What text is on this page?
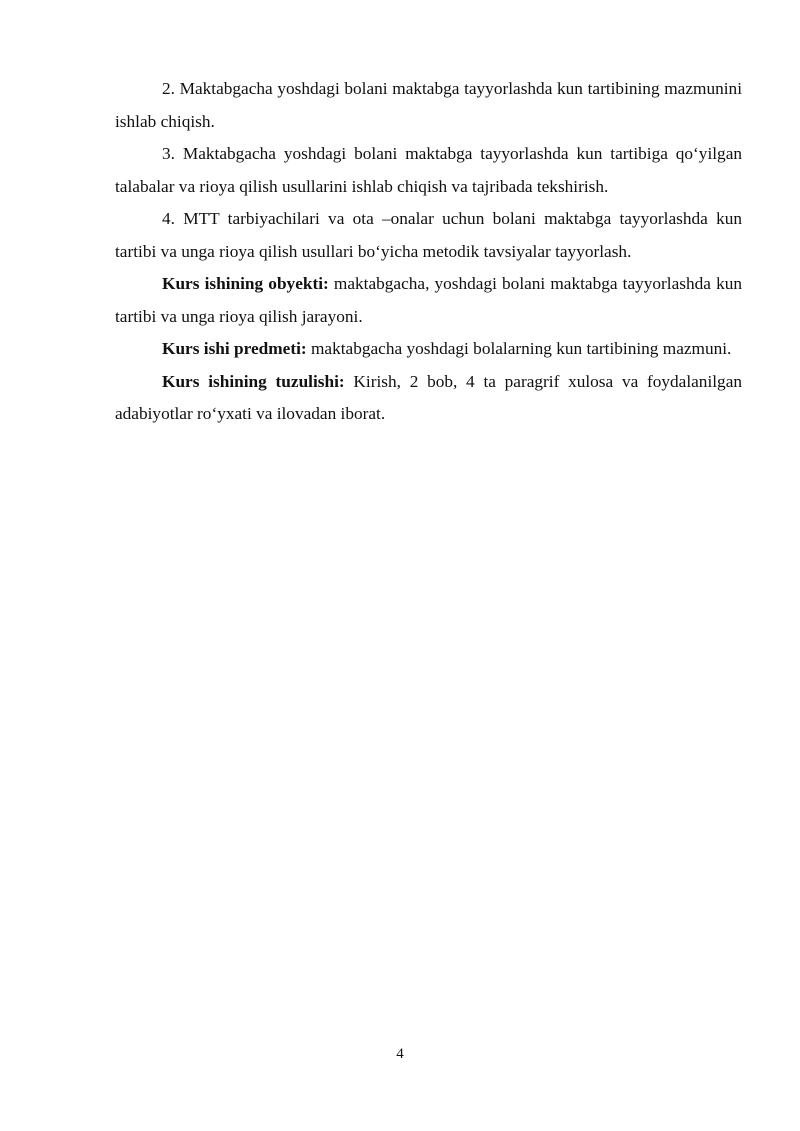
2. Maktabgacha yoshdagi bolani maktabga tayyorlashda kun tartibining mazmunini ishlab chiqish.

3. Maktabgacha yoshdagi bolani maktabga tayyorlashda kun tartibiga qo‘yilgan talabalar va rioya qilish usullarini ishlab chiqish va tajribada tekshirish.

4. MTT tarbiyachilari va ota –onalar uchun bolani maktabga tayyorlashda kun tartibi va unga rioya qilish usullari bo‘yicha metodik tavsiyalar tayyorlash.

Kurs ishining obyekti: maktabgacha, yoshdagi bolani maktabga tayyorlashda kun tartibi va unga rioya qilish jarayoni.

Kurs ishi predmeti: maktabgacha yoshdagi bolalarning kun tartibining mazmuni.

Kurs ishining tuzulishi: Kirish, 2 bob, 4 ta paragrif xulosa va foydalanilgan adabiyotlar ro‘yxati va ilovadan iborat.

4
